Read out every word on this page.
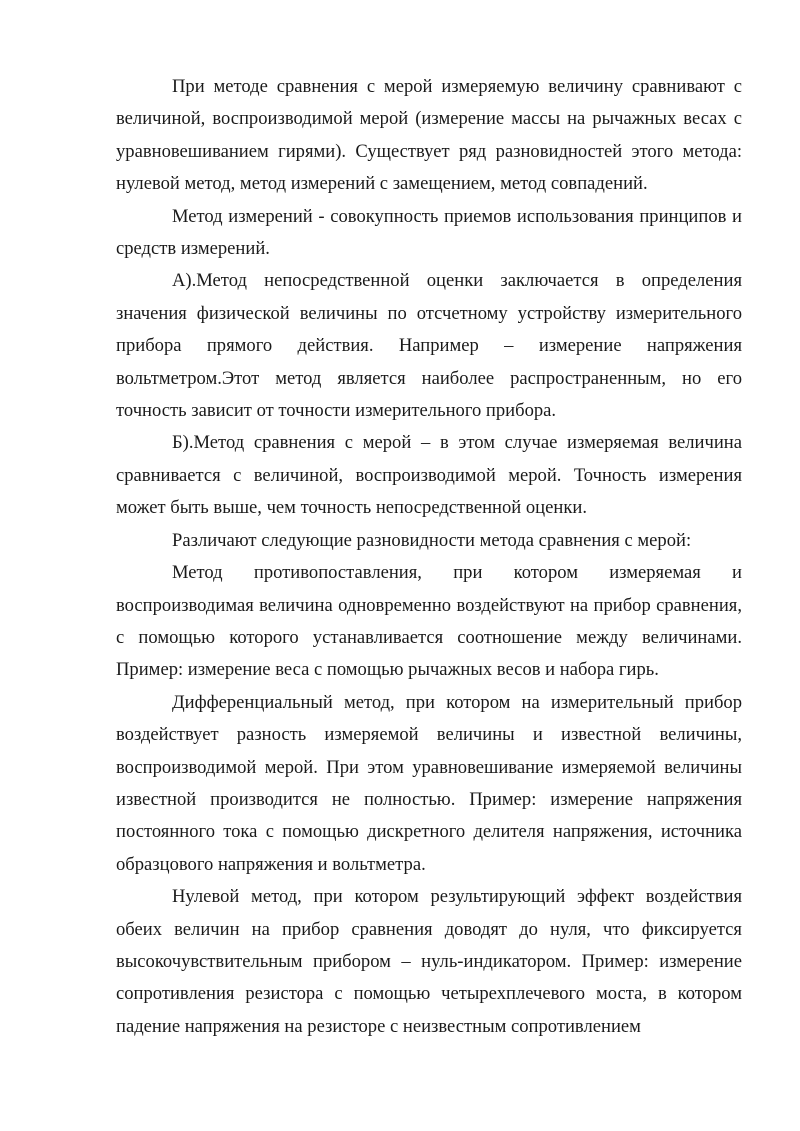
При методе сравнения с мерой измеряемую величину сравнивают с величиной, воспроизводимой мерой (измерение массы на рычажных весах с уравновешиванием гирями). Существует ряд разновидностей этого метода: нулевой метод, метод измерений с замещением, метод совпадений.

Метод измерений - совокупность приемов использования принципов и средств измерений.

А).Метод непосредственной оценки заключается в определения значения физической величины по отсчетному устройству измерительного прибора прямого действия. Например – измерение напряжения вольтметром.Этот метод является наиболее распространенным, но его точность зависит от точности измерительного прибора.

Б).Метод сравнения с мерой – в этом случае измеряемая величина сравнивается с величиной, воспроизводимой мерой. Точность измерения может быть выше, чем точность непосредственной оценки.

Различают следующие разновидности метода сравнения с мерой:

Метод противопоставления, при котором измеряемая и воспроизводимая величина одновременно воздействуют на прибор сравнения, с помощью которого устанавливается соотношение между величинами. Пример: измерение веса с помощью рычажных весов и набора гирь.

Дифференциальный метод, при котором на измерительный прибор воздействует разность измеряемой величины и известной величины, воспроизводимой мерой. При этом уравновешивание измеряемой величины известной производится не полностью. Пример: измерение напряжения постоянного тока с помощью дискретного делителя напряжения, источника образцового напряжения и вольтметра.

Нулевой метод, при котором результирующий эффект воздействия обеих величин на прибор сравнения доводят до нуля, что фиксируется высокочувствительным прибором – нуль-индикатором. Пример: измерение сопротивления резистора с помощью четырехплечевого моста, в котором падение напряжения на резисторе с неизвестным сопротивлением
